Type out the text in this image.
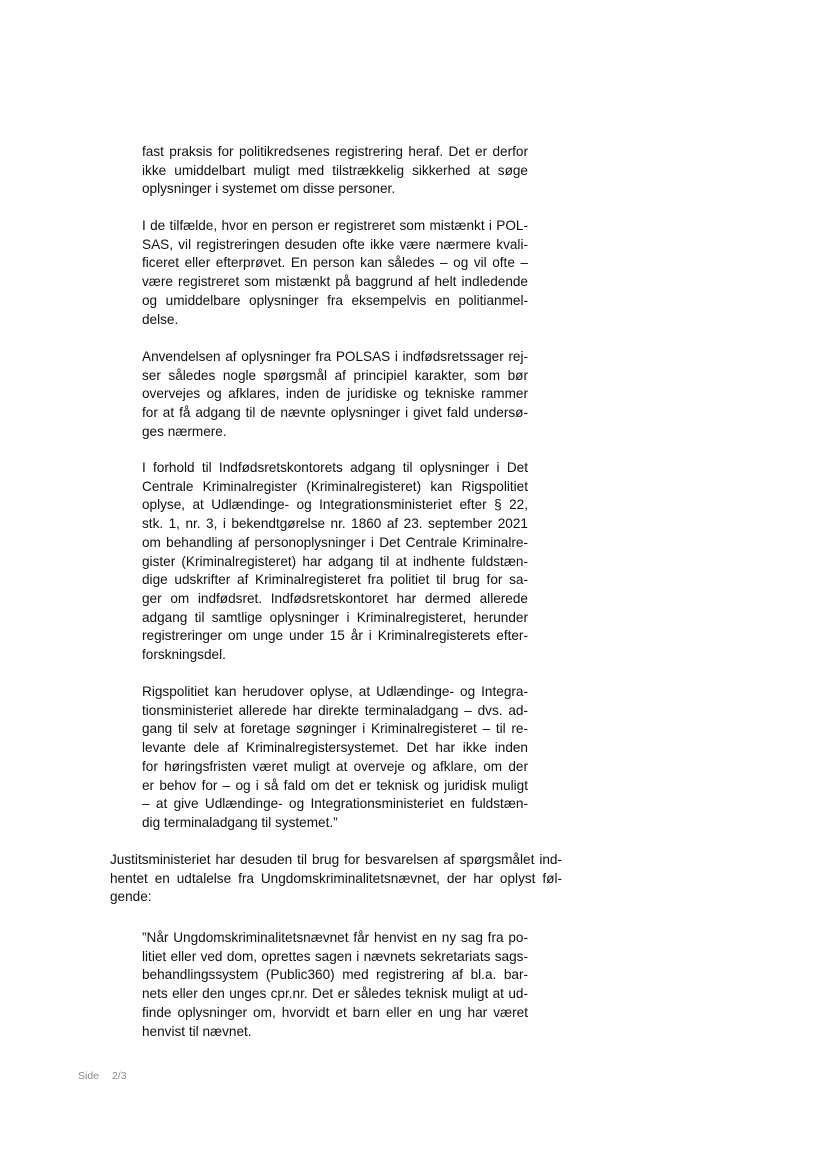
fast praksis for politikredsenes registrering heraf. Det er derfor
ikke umiddelbart muligt med tilstrækkelig sikkerhed at søge
oplysninger i systemet om disse personer.
I de tilfælde, hvor en person er registreret som mistænkt i POL-
SAS, vil registreringen desuden ofte ikke være nærmere kvali-
ficeret eller efterprøvet. En person kan således – og vil ofte –
være registreret som mistænkt på baggrund af helt indledende
og umiddelbare oplysninger fra eksempelvis en politianmel-
delse.
Anvendelsen af oplysninger fra POLSAS i indfødsretssager rej-
ser således nogle spørgsmål af principiel karakter, som bør
overvejes og afklares, inden de juridiske og tekniske rammer
for at få adgang til de nævnte oplysninger i givet fald undersø-
ges nærmere.
I forhold til Indfødsretskontorets adgang til oplysninger i Det
Centrale Kriminalregister (Kriminalregisteret) kan Rigspolitiet
oplyse, at Udlændinge- og Integrationsministeriet efter § 22,
stk. 1, nr. 3, i bekendtgørelse nr. 1860 af 23. september 2021
om behandling af personoplysninger i Det Centrale Kriminalre-
gister (Kriminalregisteret) har adgang til at indhente fuldstæn-
dige udskrifter af Kriminalregisteret fra politiet til brug for sa-
ger om indfødsret. Indfødsretskontoret har dermed allerede
adgang til samtlige oplysninger i Kriminalregisteret, herunder
registreringer om unge under 15 år i Kriminalregisterets efter-
forskningsdel.
Rigspolitiet kan herudover oplyse, at Udlændinge- og Integra-
tionsministeriet allerede har direkte terminaladgang – dvs. ad-
gang til selv at foretage søgninger i Kriminalregisteret – til re-
levante dele af Kriminalregistersystemet. Det har ikke inden
for høringsfristen været muligt at overveje og afklare, om der
er behov for – og i så fald om det er teknisk og juridisk muligt
– at give Udlændinge- og Integrationsministeriet en fuldstæn-
dig terminaladgang til systemet.”
Justitsministeriet har desuden til brug for besvarelsen af spørgsmålet ind-
hentet en udtalelse fra Ungdomskriminalitetsnævnet, der har oplyst føl-
gende:
”Når Ungdomskriminalitetsnævnet får henvist en ny sag fra po-
litiet eller ved dom, oprettes sagen i nævnets sekretariats sags-
behandlingssystem (Public360) med registrering af bl.a. bar-
nets eller den unges cpr.nr. Det er således teknisk muligt at ud-
finde oplysninger om, hvorvidt et barn eller en ung har været
henvist til nævnet.
Side 2/3
